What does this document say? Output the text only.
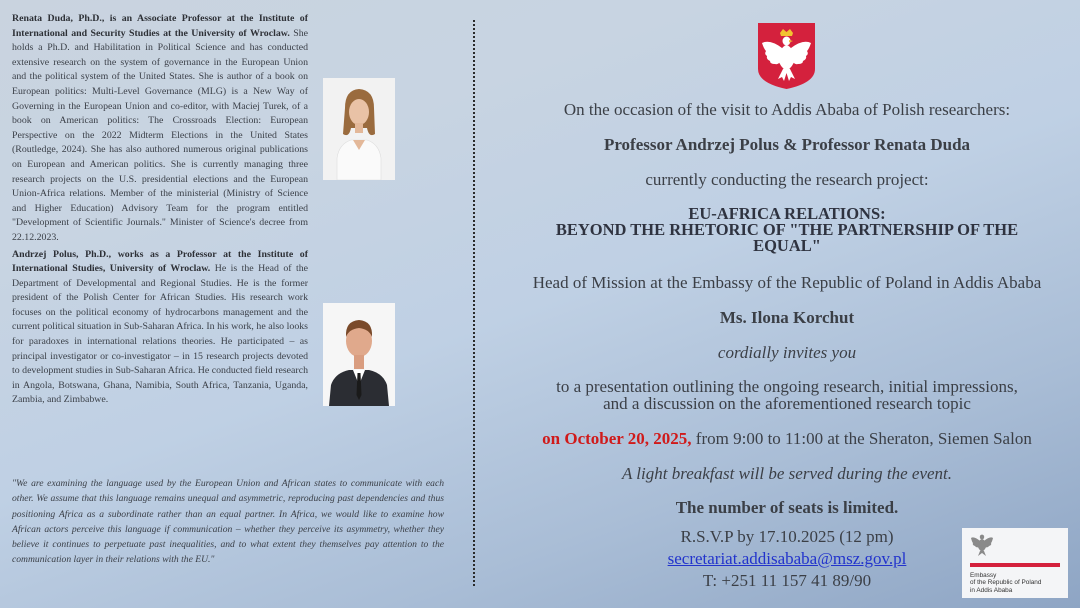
Renata Duda, Ph.D., is an Associate Professor at the Institute of International and Security Studies at the University of Wroclaw. She holds a Ph.D. and Habilitation in Political Science and has conducted extensive research on the system of governance in the European Union and the political system of the United States. She is author of a book on European politics: Multi-Level Governance (MLG) is a New Way of Governing in the European Union and co-editor, with Maciej Turek, of a book on American politics: The Crossroads Election: European Perspective on the 2022 Midterm Elections in the United States (Routledge, 2024). She has also authored numerous original publications on European and American politics. She is currently managing three research projects on the U.S. presidential elections and the European Union-Africa relations. Member of the ministerial (Ministry of Science and Higher Education) Advisory Team for the program entitled "Development of Scientific Journals." Minister of Science's decree from 22.12.2023.

Andrzej Polus, Ph.D., works as a Professor at the Institute of International Studies, University of Wroclaw. He is the Head of the Department of Developmental and Regional Studies. He is the former president of the Polish Center for African Studies. His research work focuses on the political economy of hydrocarbons management and the current political situation in Sub-Saharan Africa. In his work, he also looks for paradoxes in international relations theories. He participated – as principal investigator or co-investigator – in 15 research projects devoted to development studies in Sub-Saharan Africa. He conducted field research in Angola, Botswana, Ghana, Namibia, South Africa, Tanzania, Uganda, Zambia, and Zimbabwe.

"We are examining the language used by the European Union and African states to communicate with each other. We assume that this language remains unequal and asymmetric, reproducing past dependencies and thus positioning Africa as a subordinate rather than an equal partner. In Africa, we would like to examine how African actors perceive this language if communication – whether they perceive its asymmetry, whether they believe it continues to perpetuate past inequalities, and to what extent they themselves pay attention to the communication layer in their relations with the EU."
On the occasion of the visit to Addis Ababa of Polish researchers:
Professor Andrzej Polus & Professor Renata Duda
currently conducting the research project:
EU-AFRICA RELATIONS:
BEYOND THE RHETORIC OF "THE PARTNERSHIP OF THE
EQUAL"
Head of Mission at the Embassy of the Republic of Poland in Addis Ababa
Ms. Ilona Korchut
cordially invites you
to a presentation outlining the ongoing research, initial impressions,
and a discussion on the aforementioned research topic
on October 20, 2025, from 9:00 to 11:00 at the Sheraton, Siemen Salon
A light breakfast will be served during the event.
The number of seats is limited.
R.S.V.P by 17.10.2025 (12 pm)
secretariat.addisababa@msz.gov.pl
T: +251 11 157 41 89/90	Embassy
of the Republic of Poland
in Addis Ababa
